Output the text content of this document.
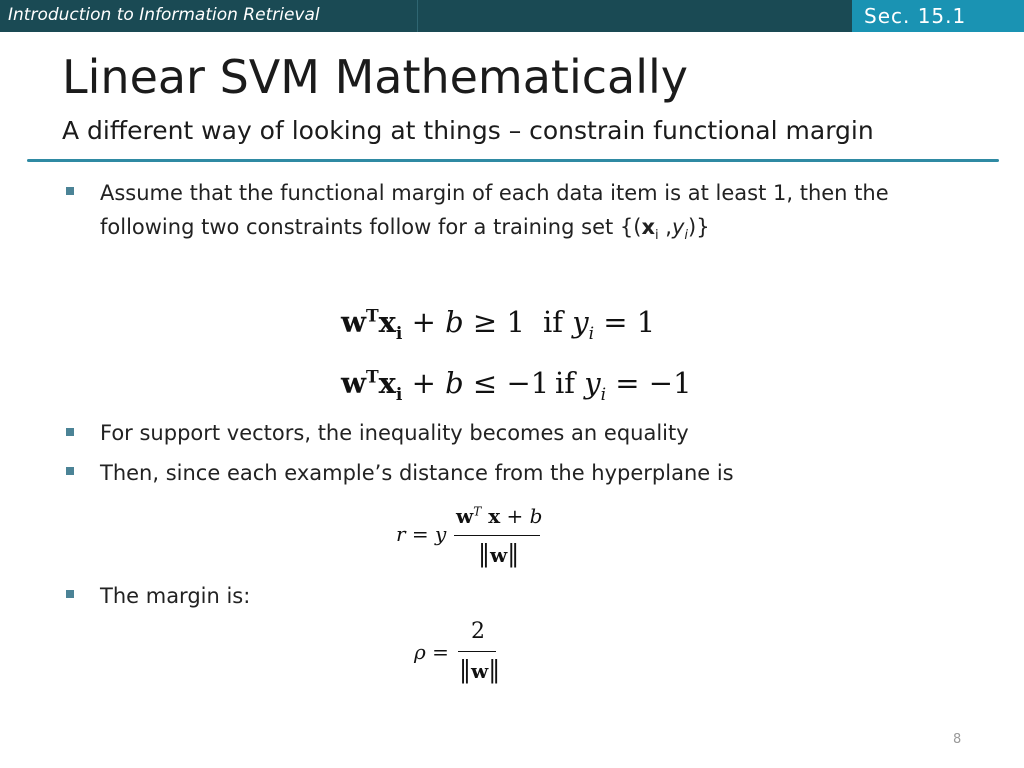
Introduction to Information Retrieval	Sec. 15.1
Linear SVM Mathematically
A different way of looking at things – constrain functional margin
Assume that the functional margin of each data item is at least 1, then the
following two constraints follow for a training set {($x_i$ $,y_i$)}
$w^Tx_i + b \ge 1$ if $y_i = 1$
$w^Tx_i + b \le -1$ if $y_i = -1$
For support vectors, the inequality becomes an equality
Then, since each example’s distance from the hyperplane is
r = y
$w^T$ x + b
‖w‖
The margin is:
ρ =
2
‖w‖
8
